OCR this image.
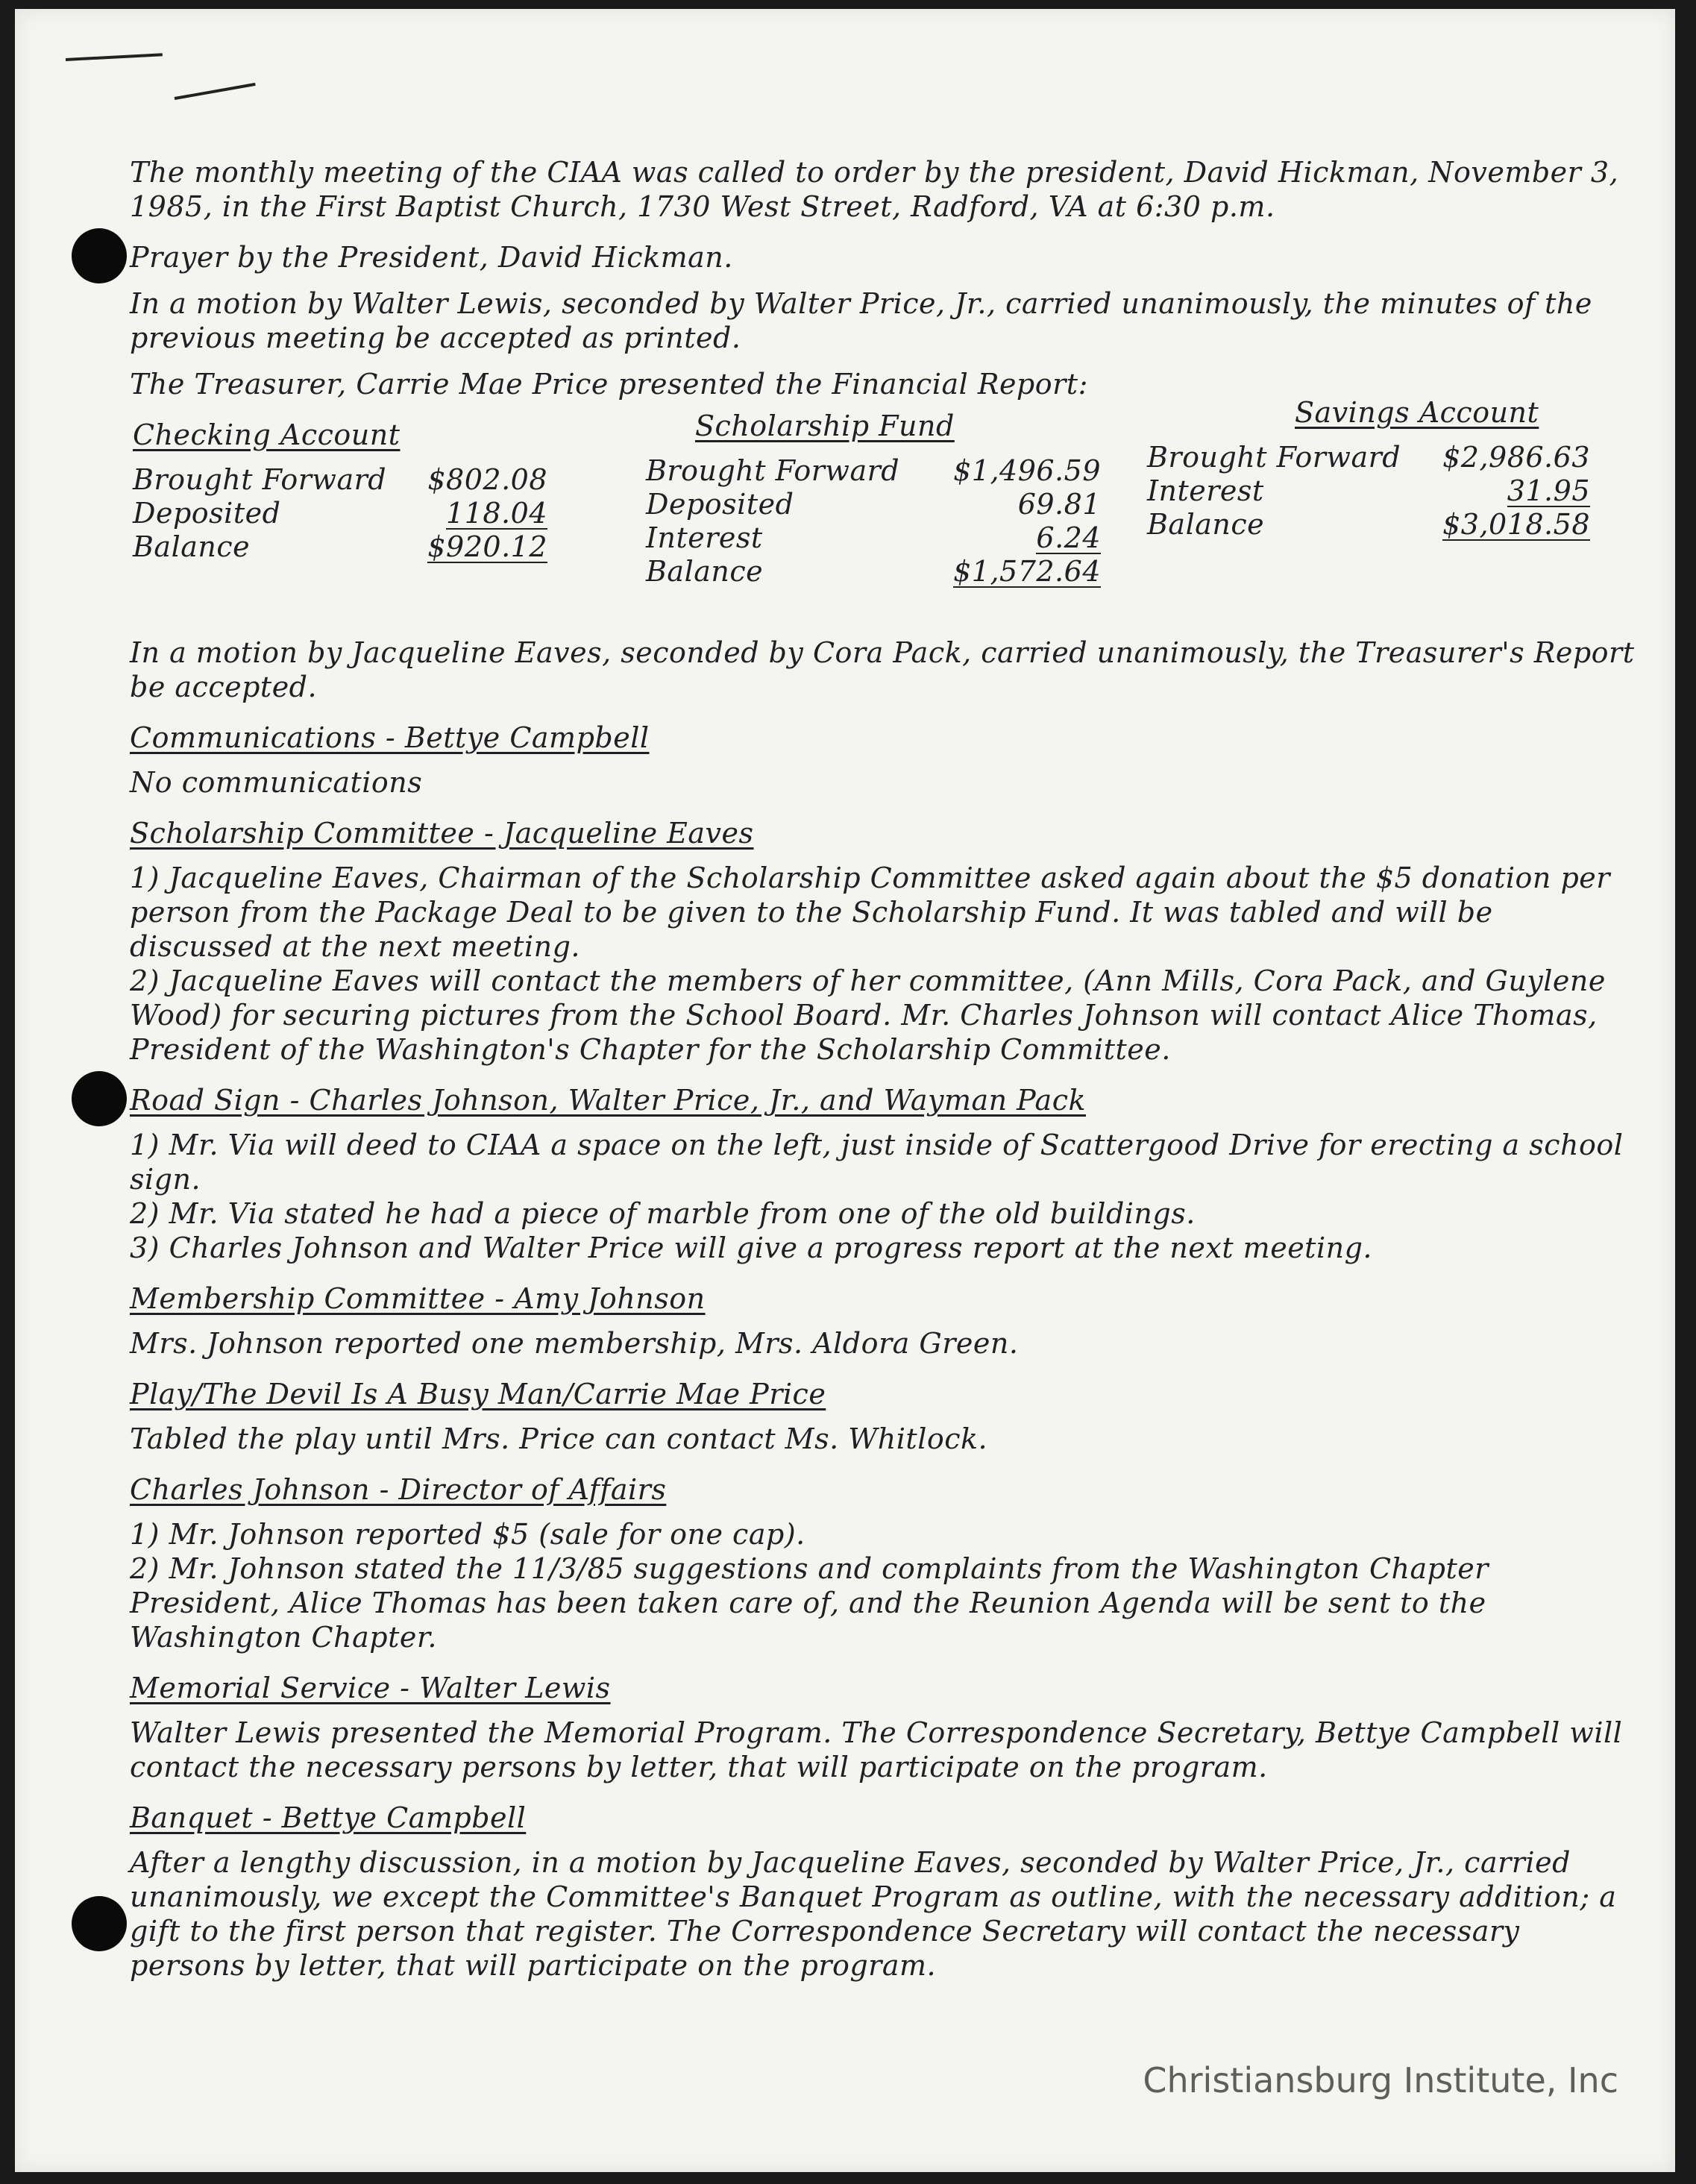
The monthly meeting of the CIAA was called to order by the president, David Hickman, November 3, 1985, in the First Baptist Church, 1730 West Street, Radford, VA at 6:30 p.m.

Prayer by the President, David Hickman.

In a motion by Walter Lewis, seconded by Walter Price, Jr., carried unanimously, the minutes of the previous meeting be accepted as printed.

The Treasurer, Carrie Mae Price presented the Financial Report:

Checking Account
Brought Forward $802.08
Deposited	118.04
Balance	$920.12
Scholarship Fund
Brought Forward $1,496.59
Deposited	69.81
Interest	6.24
Balance	$1,572.64
Savings Account
Brought Forward $2,986.63
Interest	31.95
Balance	$3,018.58

In a motion by Jacqueline Eaves, seconded by Cora Pack, carried unanimously, the Treasurer's Report be accepted.

Communications - Bettye Campbell

No communications

Scholarship Committee - Jacqueline Eaves

1) Jacqueline Eaves, Chairman of the Scholarship Committee asked again about the $5 donation per person from the Package Deal to be given to the Scholarship Fund. It was tabled and will be discussed at the next meeting.

2) Jacqueline Eaves will contact the members of her committee, (Ann Mills, Cora Pack, and Guylene Wood) for securing pictures from the School Board. Mr. Charles Johnson will contact Alice Thomas, President of the Washington's Chapter for the Scholarship Committee.

Road Sign - Charles Johnson, Walter Price, Jr., and Wayman Pack

1) Mr. Via will deed to CIAA a space on the left, just inside of Scattergood Drive for erecting a school sign.

2) Mr. Via stated he had a piece of marble from one of the old buildings.

3) Charles Johnson and Walter Price will give a progress report at the next meeting.

Membership Committee - Amy Johnson

Mrs. Johnson reported one membership, Mrs. Aldora Green.

Play/The Devil Is A Busy Man/Carrie Mae Price

Tabled the play until Mrs. Price can contact Ms. Whitlock.

Charles Johnson - Director of Affairs

1) Mr. Johnson reported $5 (sale for one cap).

2) Mr. Johnson stated the 11/3/85 suggestions and complaints from the Washington Chapter President, Alice Thomas has been taken care of, and the Reunion Agenda will be sent to the Washington Chapter.

Memorial Service - Walter Lewis

Walter Lewis presented the Memorial Program. The Correspondence Secretary, Bettye Campbell will contact the necessary persons by letter, that will participate on the program.

Banquet - Bettye Campbell

After a lengthy discussion, in a motion by Jacqueline Eaves, seconded by Walter Price, Jr., carried unanimously, we except the Committee's Banquet Program as outline, with the necessary addition; a gift to the first person that register. The Correspondence Secretary will contact the necessary persons by letter, that will participate on the program.

Christiansburg Institute, Inc
